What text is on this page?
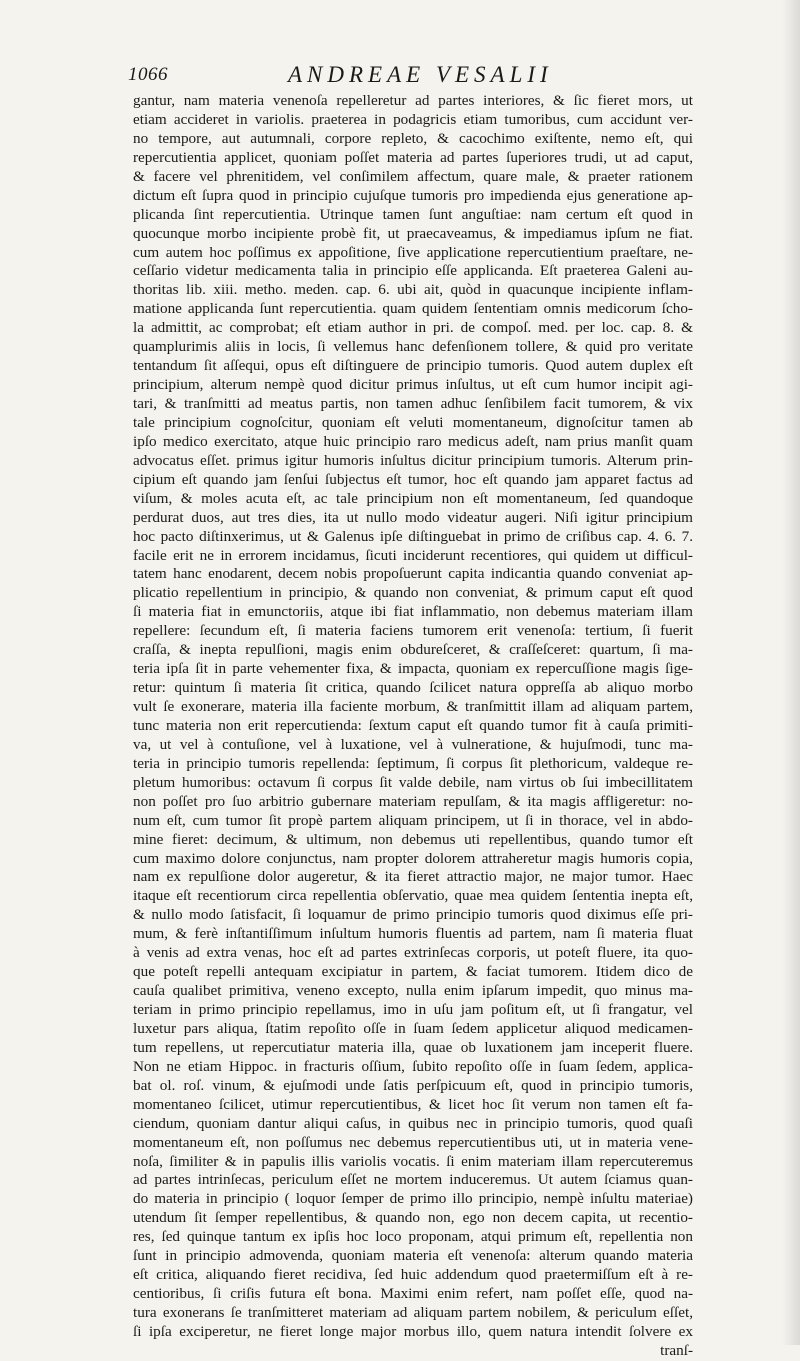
1066	ANDREAE VESALII
gantur, nam materia venenoſa repelleretur ad partes interiores, & ſic fieret mors, ut
etiam accideret in variolis. praeterea in podagricis etiam tumoribus, cum accidunt ver-
no tempore, aut autumnali, corpore repleto, & cacochimo exiſtente, nemo eſt, qui
repercutientia applicet, quoniam poſſet materia ad partes ſuperiores trudi, ut ad caput,
& facere vel phrenitidem, vel conſimilem affectum, quare male, & praeter rationem
dictum eſt ſupra quod in principio cujuſque tumoris pro impedienda ejus generatione ap-
plicanda ſint repercutientia. Utrinque tamen ſunt anguſtiae: nam certum eſt quod in
quocunque morbo incipiente probè fit, ut praecaveamus, & impediamus ipſum ne fiat.
cum autem hoc poſſimus ex appoſitione, ſive applicatione repercutientium praeſtare, ne-
ceſſario videtur medicamenta talia in principio eſſe applicanda. Eſt praeterea Galeni au-
thoritas lib. xiii. metho. meden. cap. 6. ubi ait, quòd in quacunque incipiente inflam-
matione applicanda ſunt repercutientia. quam quidem ſententiam omnis medicorum ſcho-
la admittit, ac comprobat; eſt etiam author in pri. de compoſ. med. per loc. cap. 8. &
quamplurimis aliis in locis, ſi vellemus hanc defenſionem tollere, & quid pro veritate
tentandum ſit aſſequi, opus eſt diſtinguere de principio tumoris. Quod autem duplex eſt
principium, alterum nempè quod dicitur primus inſultus, ut eſt cum humor incipit agi-
tari, & tranſmitti ad meatus partis, non tamen adhuc ſenſibilem facit tumorem, & vix
tale principium cognoſcitur, quoniam eſt veluti momentaneum, dignoſcitur tamen ab
ipſo medico exercitato, atque huic principio raro medicus adeſt, nam prius manſit quam
advocatus eſſet. primus igitur humoris inſultus dicitur principium tumoris. Alterum prin-
cipium eſt quando jam ſenſui ſubjectus eſt tumor, hoc eſt quando jam apparet factus ad
viſum, & moles acuta eſt, ac tale principium non eſt momentaneum, ſed quandoque
perdurat duos, aut tres dies, ita ut nullo modo videatur augeri. Niſi igitur principium
hoc pacto diſtinxerimus, ut & Galenus ipſe diſtinguebat in primo de criſibus cap. 4. 6. 7.
facile erit ne in errorem incidamus, ſicuti inciderunt recentiores, qui quidem ut difficul-
tatem hanc enodarent, decem nobis propoſuerunt capita indicantia quando conveniat ap-
plicatio repellentium in principio, & quando non conveniat, & primum caput eſt quod
ſi materia fiat in emunctoriis, atque ibi fiat inflammatio, non debemus materiam illam
repellere: ſecundum eſt, ſi materia faciens tumorem erit venenoſa: tertium, ſi fuerit
craſſa, & inepta repulſioni, magis enim obdureſceret, & craſſeſceret: quartum, ſi ma-
teria ipſa ſit in parte vehementer fixa, & impacta, quoniam ex repercuſſione magis ſige-
retur: quintum ſi materia ſit critica, quando ſcilicet natura oppreſſa ab aliquo morbo
vult ſe exonerare, materia illa faciente morbum, & tranſmittit illam ad aliquam partem,
tunc materia non erit repercutienda: ſextum caput eſt quando tumor fit à cauſa primiti-
va, ut vel à contuſione, vel à luxatione, vel à vulneratione, & hujuſmodi, tunc ma-
teria in principio tumoris repellenda: ſeptimum, ſi corpus ſit plethoricum, valdeque re-
pletum humoribus: octavum ſi corpus ſit valde debile, nam virtus ob ſui imbecillitatem
non poſſet pro ſuo arbitrio gubernare materiam repulſam, & ita magis affligeretur: no-
num eſt, cum tumor ſit propè partem aliquam principem, ut ſi in thorace, vel in abdo-
mine fieret: decimum, & ultimum, non debemus uti repellentibus, quando tumor eſt
cum maximo dolore conjunctus, nam propter dolorem attraheretur magis humoris copia,
nam ex repulſione dolor augeretur, & ita fieret attractio major, ne major tumor. Haec
itaque eſt recentiorum circa repellentia obſervatio, quae mea quidem ſententia inepta eſt,
& nullo modo ſatisfacit, ſi loquamur de primo principio tumoris quod diximus eſſe pri-
mum, & ferè inſtantiſſimum inſultum humoris fluentis ad partem, nam ſi materia fluat
à venis ad extra venas, hoc eſt ad partes extrinſecas corporis, ut poteſt fluere, ita quo-
que poteſt repelli antequam excipiatur in partem, & faciat tumorem. Itidem dico de
cauſa qualibet primitiva, veneno excepto, nulla enim ipſarum impedit, quo minus ma-
teriam in primo principio repellamus, imo in uſu jam poſitum eſt, ut ſi frangatur, vel
luxetur pars aliqua, ſtatim repoſito oſſe in ſuam ſedem applicetur aliquod medicamen-
tum repellens, ut repercutiatur materia illa, quae ob luxationem jam inceperit fluere.
Non ne etiam Hippoc. in fracturis oſſium, ſubito repoſito oſſe in ſuam ſedem, applica-
bat ol. roſ. vinum, & ejuſmodi unde ſatis perſpicuum eſt, quod in principio tumoris,
momentaneo ſcilicet, utimur repercutientibus, & licet hoc ſit verum non tamen eſt fa-
ciendum, quoniam dantur aliqui caſus, in quibus nec in principio tumoris, quod quaſi
momentaneum eſt, non poſſumus nec debemus repercutientibus uti, ut in materia vene-
noſa, ſimiliter & in papulis illis variolis vocatis. ſi enim materiam illam repercuteremus
ad partes intrinſecas, periculum eſſet ne mortem induceremus. Ut autem ſciamus quan-
do materia in principio ( loquor ſemper de primo illo principio, nempè inſultu materiae)
utendum ſit ſemper repellentibus, & quando non, ego non decem capita, ut recentio-
res, ſed quinque tantum ex ipſis hoc loco proponam, atqui primum eſt, repellentia non
ſunt in principio admovenda, quoniam materia eſt venenoſa: alterum quando materia
eſt critica, aliquando fieret recidiva, ſed huic addendum quod praetermiſſum eſt à re-
centioribus, ſi criſis futura eſt bona. Maximi enim refert, nam poſſet eſſe, quod na-
tura exonerans ſe tranſmitteret materiam ad aliquam partem nobilem, & periculum eſſet,
ſi ipſa exciperetur, ne fieret longe major morbus illo, quem natura intendit ſolvere ex
tranſ-
